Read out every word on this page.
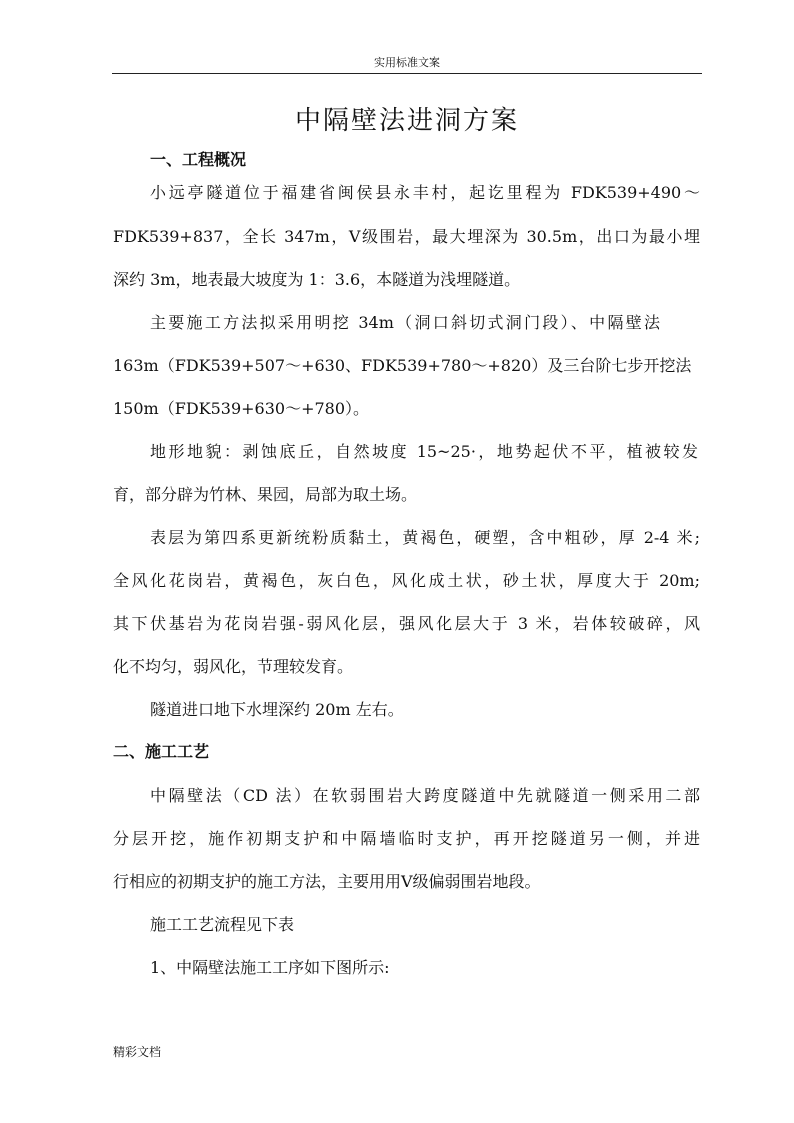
实用标准文案
中隔壁法进洞方案
一、工程概况
小远亭隧道位于福建省闽侯县永丰村，起讫里程为 FDK539+490～
FDK539+837，全长 347m，Ⅴ级围岩，最大埋深为 30.5m，出口为最小埋
深约 3m，地表最大坡度为 1：3.6，本隧道为浅埋隧道。
主要施工方法拟采用明挖 34m（洞口斜切式洞门段）、中隔壁法
163m（FDK539+507～+630、FDK539+780～+820）及三台阶七步开挖法
150m（FDK539+630～+780）。
地形地貌：剥蚀底丘，自然坡度 15~25·，地势起伏不平，植被较发
育，部分辟为竹林、果园，局部为取土场。
表层为第四系更新统粉质黏土，黄褐色，硬塑，含中粗砂，厚 2-4 米;
全风化花岗岩，黄褐色，灰白色，风化成土状，砂土状，厚度大于 20m;
其下伏基岩为花岗岩强-弱风化层，强风化层大于 3 米，岩体较破碎，风
化不均匀，弱风化，节理较发育。
隧道进口地下水埋深约 20m 左右。
二、施工工艺
中隔壁法（CD 法）在软弱围岩大跨度隧道中先就隧道一侧采用二部
分层开挖，施作初期支护和中隔墙临时支护，再开挖隧道另一侧，并进
行相应的初期支护的施工方法，主要用用Ⅴ级偏弱围岩地段。
施工工艺流程见下表
1、中隔壁法施工工序如下图所示:
精彩文档
